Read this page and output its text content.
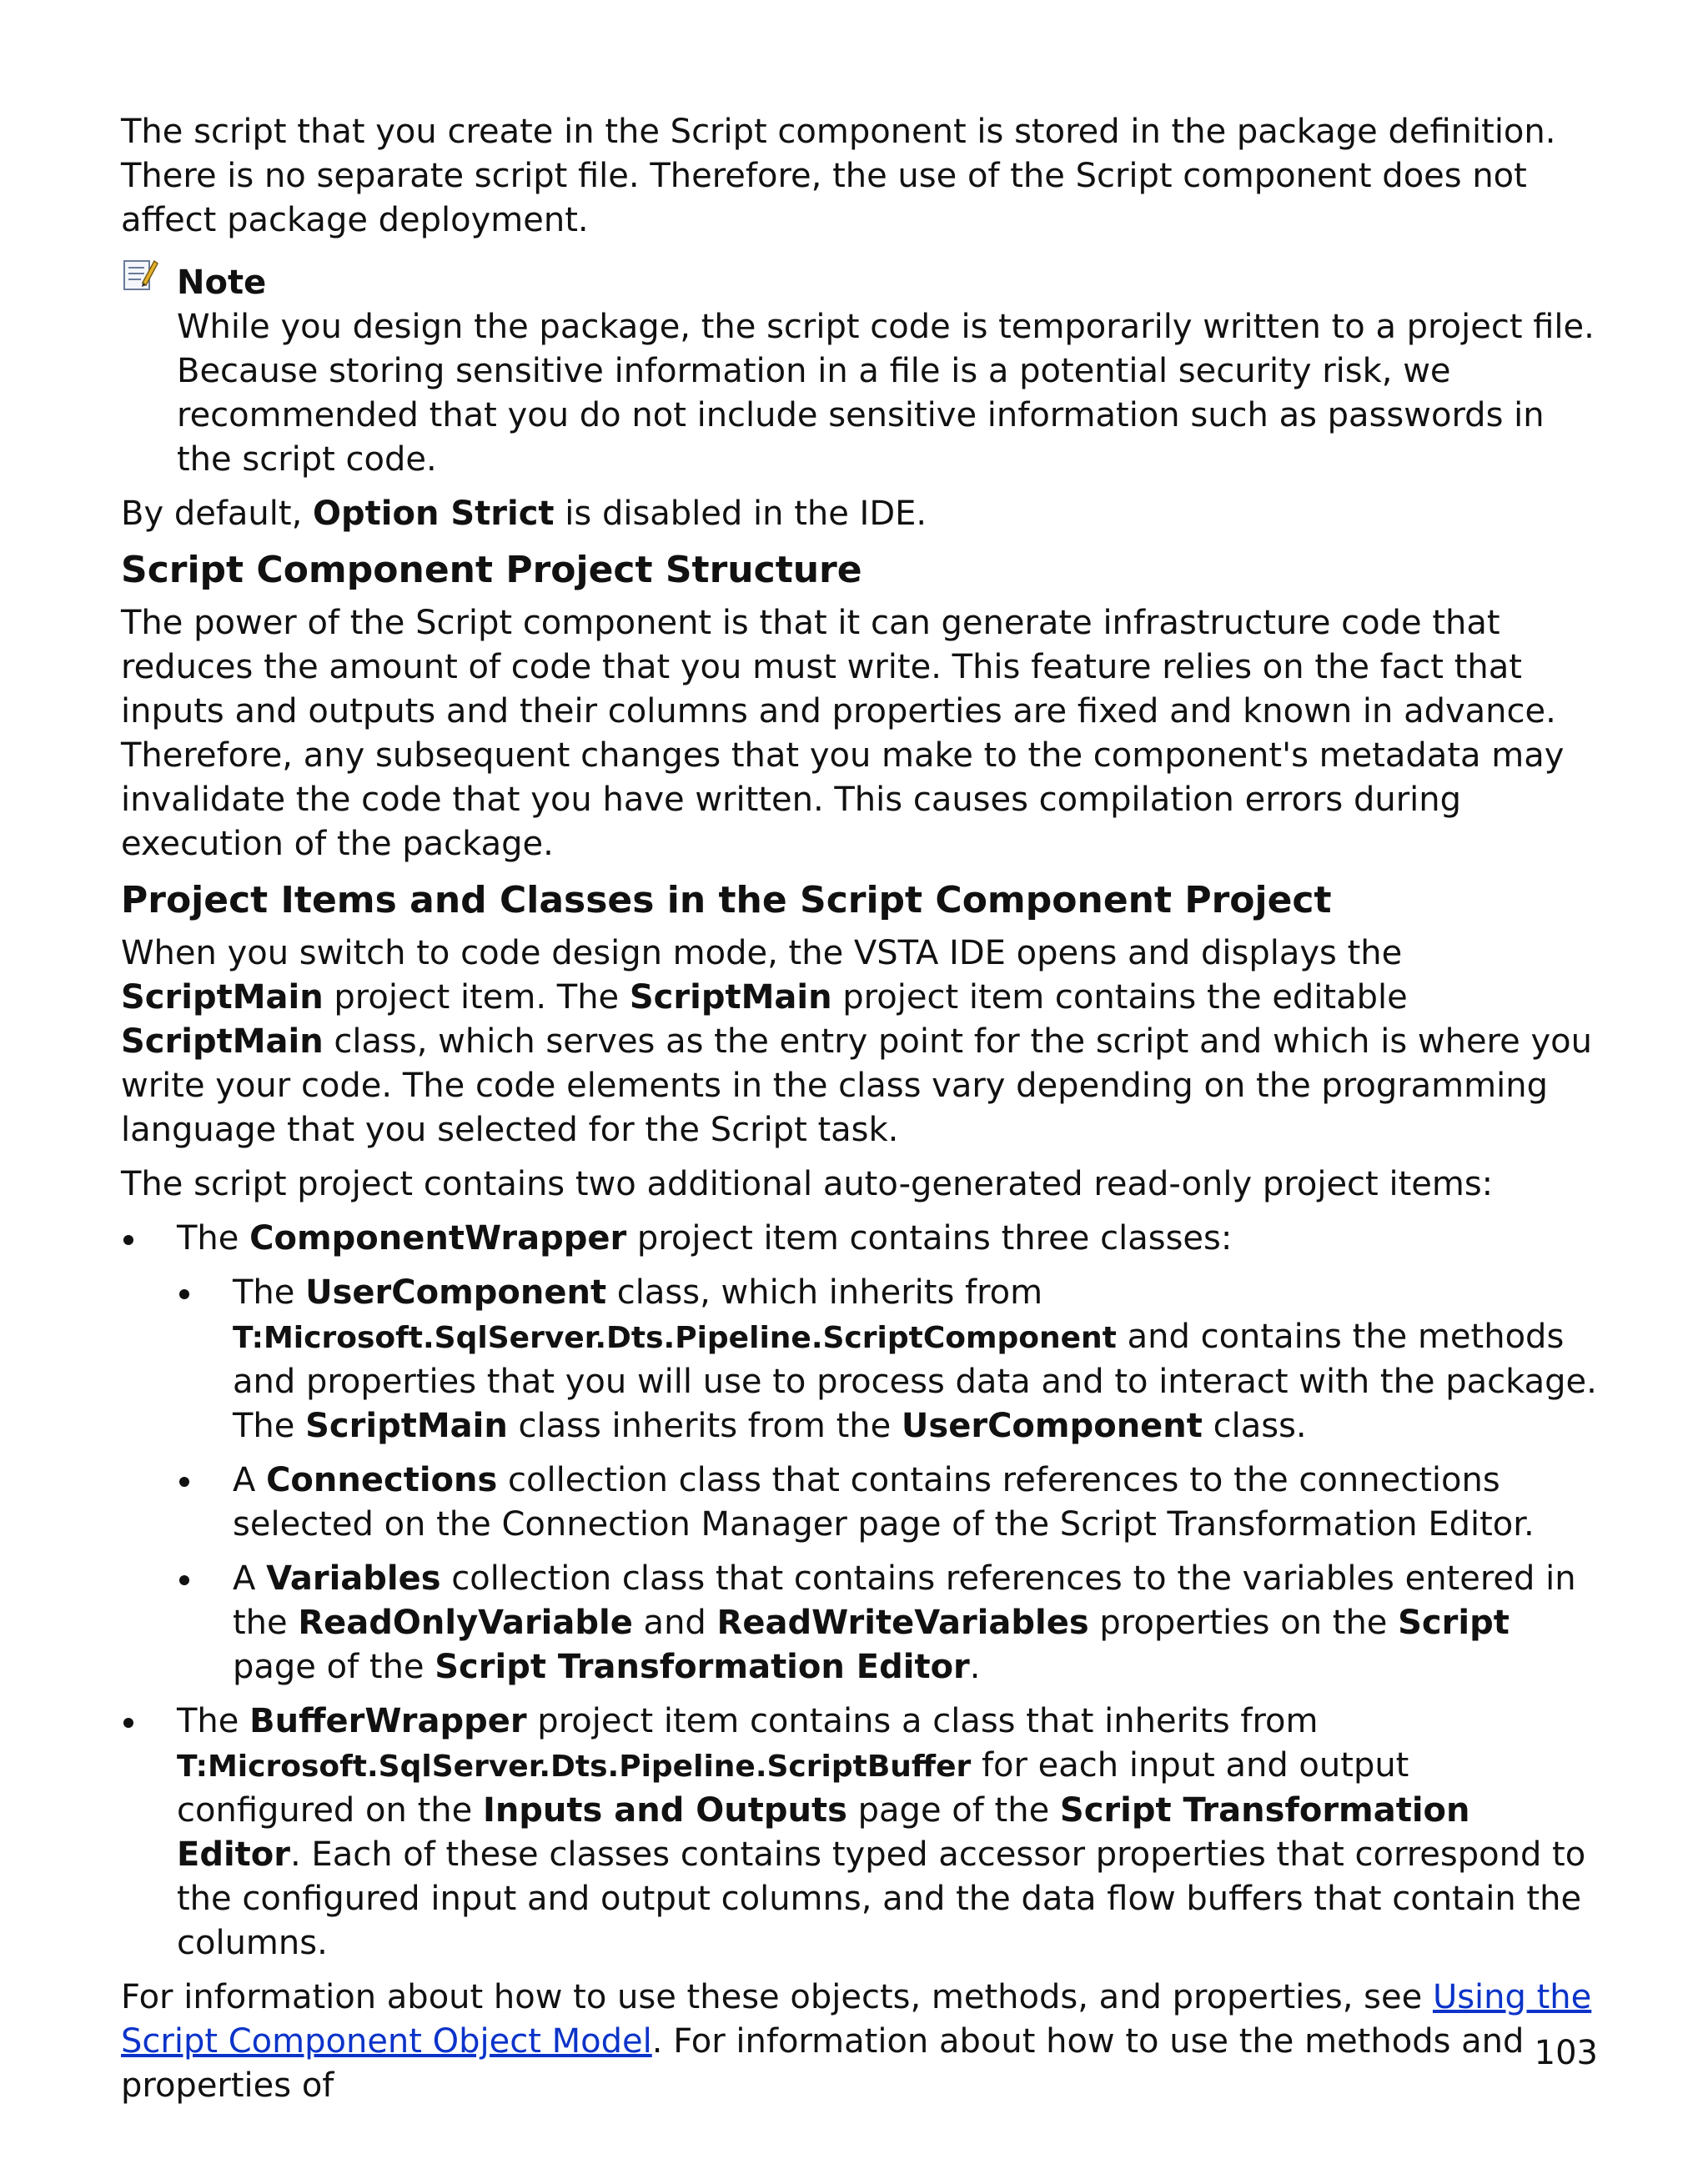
The script that you create in the Script component is stored in the package definition. There is no separate script file. Therefore, the use of the Script component does not affect package deployment.

Note
While you design the package, the script code is temporarily written to a project file. Because storing sensitive information in a file is a potential security risk, we recommended that you do not include sensitive information such as passwords in the script code.

By default, Option Strict is disabled in the IDE.

Script Component Project Structure

The power of the Script component is that it can generate infrastructure code that reduces the amount of code that you must write. This feature relies on the fact that inputs and outputs and their columns and properties are fixed and known in advance. Therefore, any subsequent changes that you make to the component's metadata may invalidate the code that you have written. This causes compilation errors during execution of the package.

Project Items and Classes in the Script Component Project

When you switch to code design mode, the VSTA IDE opens and displays the ScriptMain project item. The ScriptMain project item contains the editable ScriptMain class, which serves as the entry point for the script and which is where you write your code. The code elements in the class vary depending on the programming language that you selected for the Script task.

The script project contains two additional auto-generated read-only project items:

The ComponentWrapper project item contains three classes:
The UserComponent class, which inherits from
T:Microsoft.SqlServer.Dts.Pipeline.ScriptComponent and contains the methods and properties that you will use to process data and to interact with the package. The ScriptMain class inherits from the UserComponent class.
A Connections collection class that contains references to the connections selected on the Connection Manager page of the Script Transformation Editor.
A Variables collection class that contains references to the variables entered in the ReadOnlyVariable and ReadWriteVariables properties on the Script page of the Script Transformation Editor.
The BufferWrapper project item contains a class that inherits from
T:Microsoft.SqlServer.Dts.Pipeline.ScriptBuffer for each input and output configured on the Inputs and Outputs page of the Script Transformation Editor. Each of these classes contains typed accessor properties that correspond to the configured input and output columns, and the data flow buffers that contain the columns.

For information about how to use these objects, methods, and properties, see Using the Script Component Object Model. For information about how to use the methods and properties of

103
